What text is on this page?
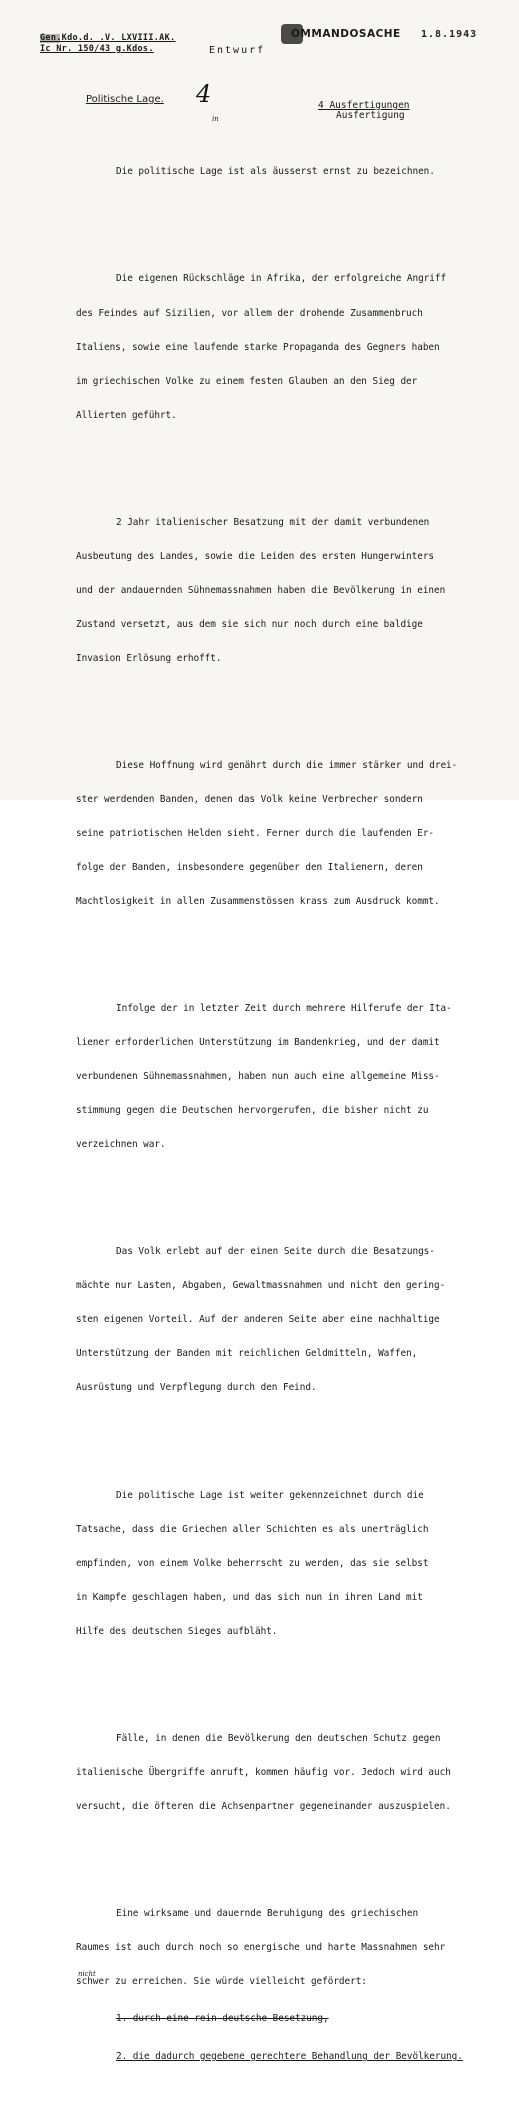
Gen.Kdo.d. .V. LXVIII.AK.
Ic Nr. 150/43 g.Kdos.	Entwurf
OMMANDOSACHE 1.8.1943
Politische Lage. 4	4 Ausfertigungen
Ausfertigung

Die politische Lage ist als äusserst ernst zu bezeichnen.

Die eigenen Rückschläge in Afrika, der erfolgreiche Angriff

des Feindes auf Sizilien, vor allem der drohende Zusammenbruch

Italiens, sowie eine laufende starke Propaganda des Gegners haben

im griechischen Volke zu einem festen Glauben an den Sieg der

Allierten geführt.

2 Jahr italienischer Besatzung mit der damit verbundenen

Ausbeutung des Landes, sowie die Leiden des ersten Hungerwinters

und der andauernden Sühnemassnahmen haben die Bevölkerung in einen

Zustand versetzt, aus dem sie sich nur noch durch eine baldige

Invasion Erlösung erhofft.

Diese Hoffnung wird genährt durch die immer stärker und drei-

in
ster werdenden Banden, denen das Volk keine Verbrecher sondern

seine patriotischen Helden sieht. Ferner durch die laufenden Er-

folge der Banden, insbesondere gegenüber den Italienern, deren

Machtlosigkeit in allen Zusammenstössen krass zum Ausdruck kommt.

Infolge der in letzter Zeit durch mehrere Hilferufe der Ita-

liener erforderlichen Unterstützung im Bandenkrieg, und der damit

verbundenen Sühnemassnahmen, haben nun auch eine allgemeine Miss-

stimmung gegen die Deutschen hervorgerufen, die bisher nicht zu

verzeichnen war.

Das Volk erlebt auf der einen Seite durch die Besatzungs-

mächte nur Lasten, Abgaben, Gewaltmassnahmen und nicht den gering-

sten eigenen Vorteil. Auf der anderen Seite aber eine nachhaltige

Unterstützung der Banden mit reichlichen Geldmitteln, Waffen,

Ausrüstung und Verpflegung durch den Feind.

Die politische Lage ist weiter gekennzeichnet durch die

Tatsache, dass die Griechen aller Schichten es als unerträglich

empfinden, von einem Volke beherrscht zu werden, das sie selbst

in Kampfe geschlagen haben, und das sich nun in ihren Land mit

Hilfe des deutschen Sieges aufbläht.

Fälle, in denen die Bevölkerung den deutschen Schutz gegen

italienische Übergriffe anruft, kommen häufig vor. Jedoch wird auch

versucht, die öfteren die Achsenpartner gegeneinander auszuspielen.

Eine wirksame und dauernde Beruhigung des griechischen

Raumes ist auch durch noch so energische und harte Massnahmen sehr

nicht
schwer zu erreichen. Sie würde vielleicht gefördert:

1. durch eine rein deutsche Besetzung,

2. die dadurch gegebene gerechtere Behandlung der Bevölkerung.
